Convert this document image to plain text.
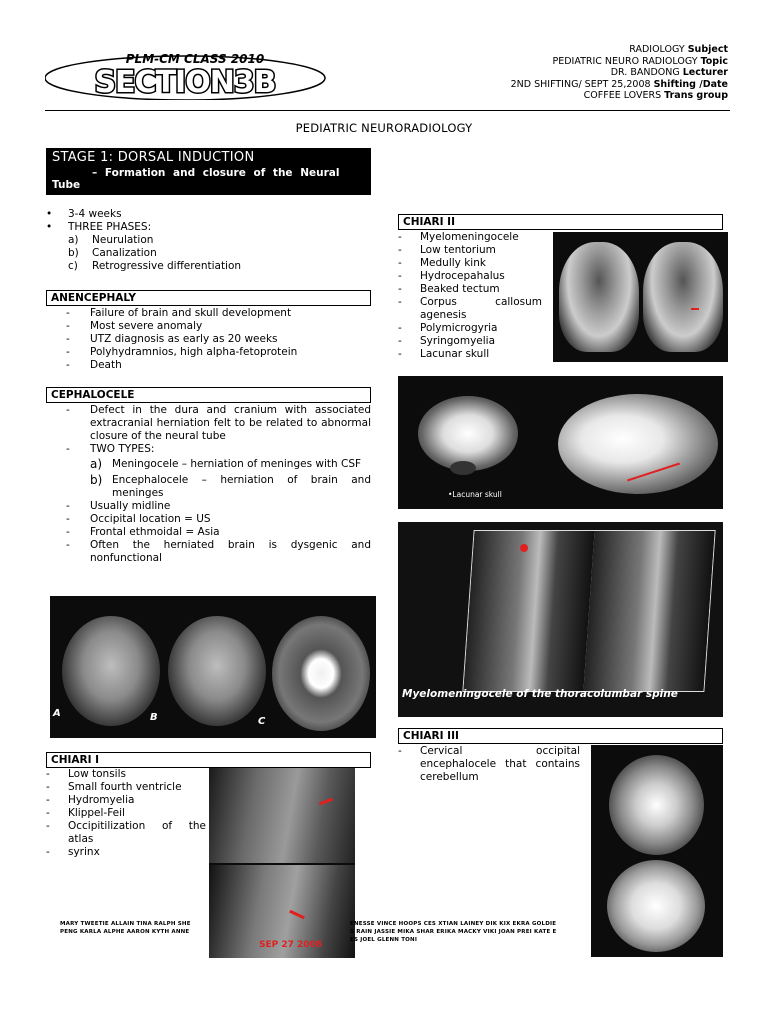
PLM-CM CLASS 2010
SECTION3B
RADIOLOGY Subject
PEDIATRIC NEURO RADIOLOGY Topic
DR. BANDONG Lecturer
2ND SHIFTING/ SEPT 25,2008 Shifting /Date
COFFEE LOVERS Trans group
PEDIATRIC NEURORADIOLOGY
STAGE 1: DORSAL INDUCTION
– Formation and closure of the Neural Tube
• 3-4 weeks
• THREE PHASES:
a) Neurulation
b) Canalization
c) Retrogressive differentiation
ANENCEPHALY
- Failure of brain and skull development
- Most severe anomaly
- UTZ diagnosis as early as 20 weeks
- Polyhydramnios, high alpha-fetoprotein
- Death
CEPHALOCELE
- Defect in the dura and cranium with associated extracranial herniation felt to be related to abnormal closure of the neural tube
- TWO TYPES:
a) Meningocele – herniation of meninges with CSF
b) Encephalocele – herniation of brain and meninges
- Usually midline
- Occipital location = US
- Frontal ethmoidal = Asia
- Often the herniated brain is dysgenic and nonfunctional
A	B	C
CHIARI I
- Low tonsils
- Small fourth ventricle
- Hydromyelia
- Klippel-Feil
- Occipitilization of the atlas
- syrinx
SEP 27 2008
CHIARI II
- Myelomeningocele
- Low tentorium
- Medully kink
- Hydrocepahalus
- Beaked tectum
- Corpus callosum agenesis
- Polymicrogyria
- Syringomyelia
- Lacunar skull
•Lacunar skull
Myelomeningocele of the thoracolumbar spine
CHIARI III
- Cervical occipital encephalocele that contains cerebellum
MARY TWEETIE ALLAIN TINA RALPH SHE	ENESSE VINCE HOOPS CES XTIAN LAINEY DIK KIX EKRA GOLDIE
PENG KARLA ALPHE AARON KYTH ANNE	S RAIN JASSIE MIKA SHAR ERIKA MACKY VIKI JOAN PREI KATE E
ES JOEL GLENN TONI
